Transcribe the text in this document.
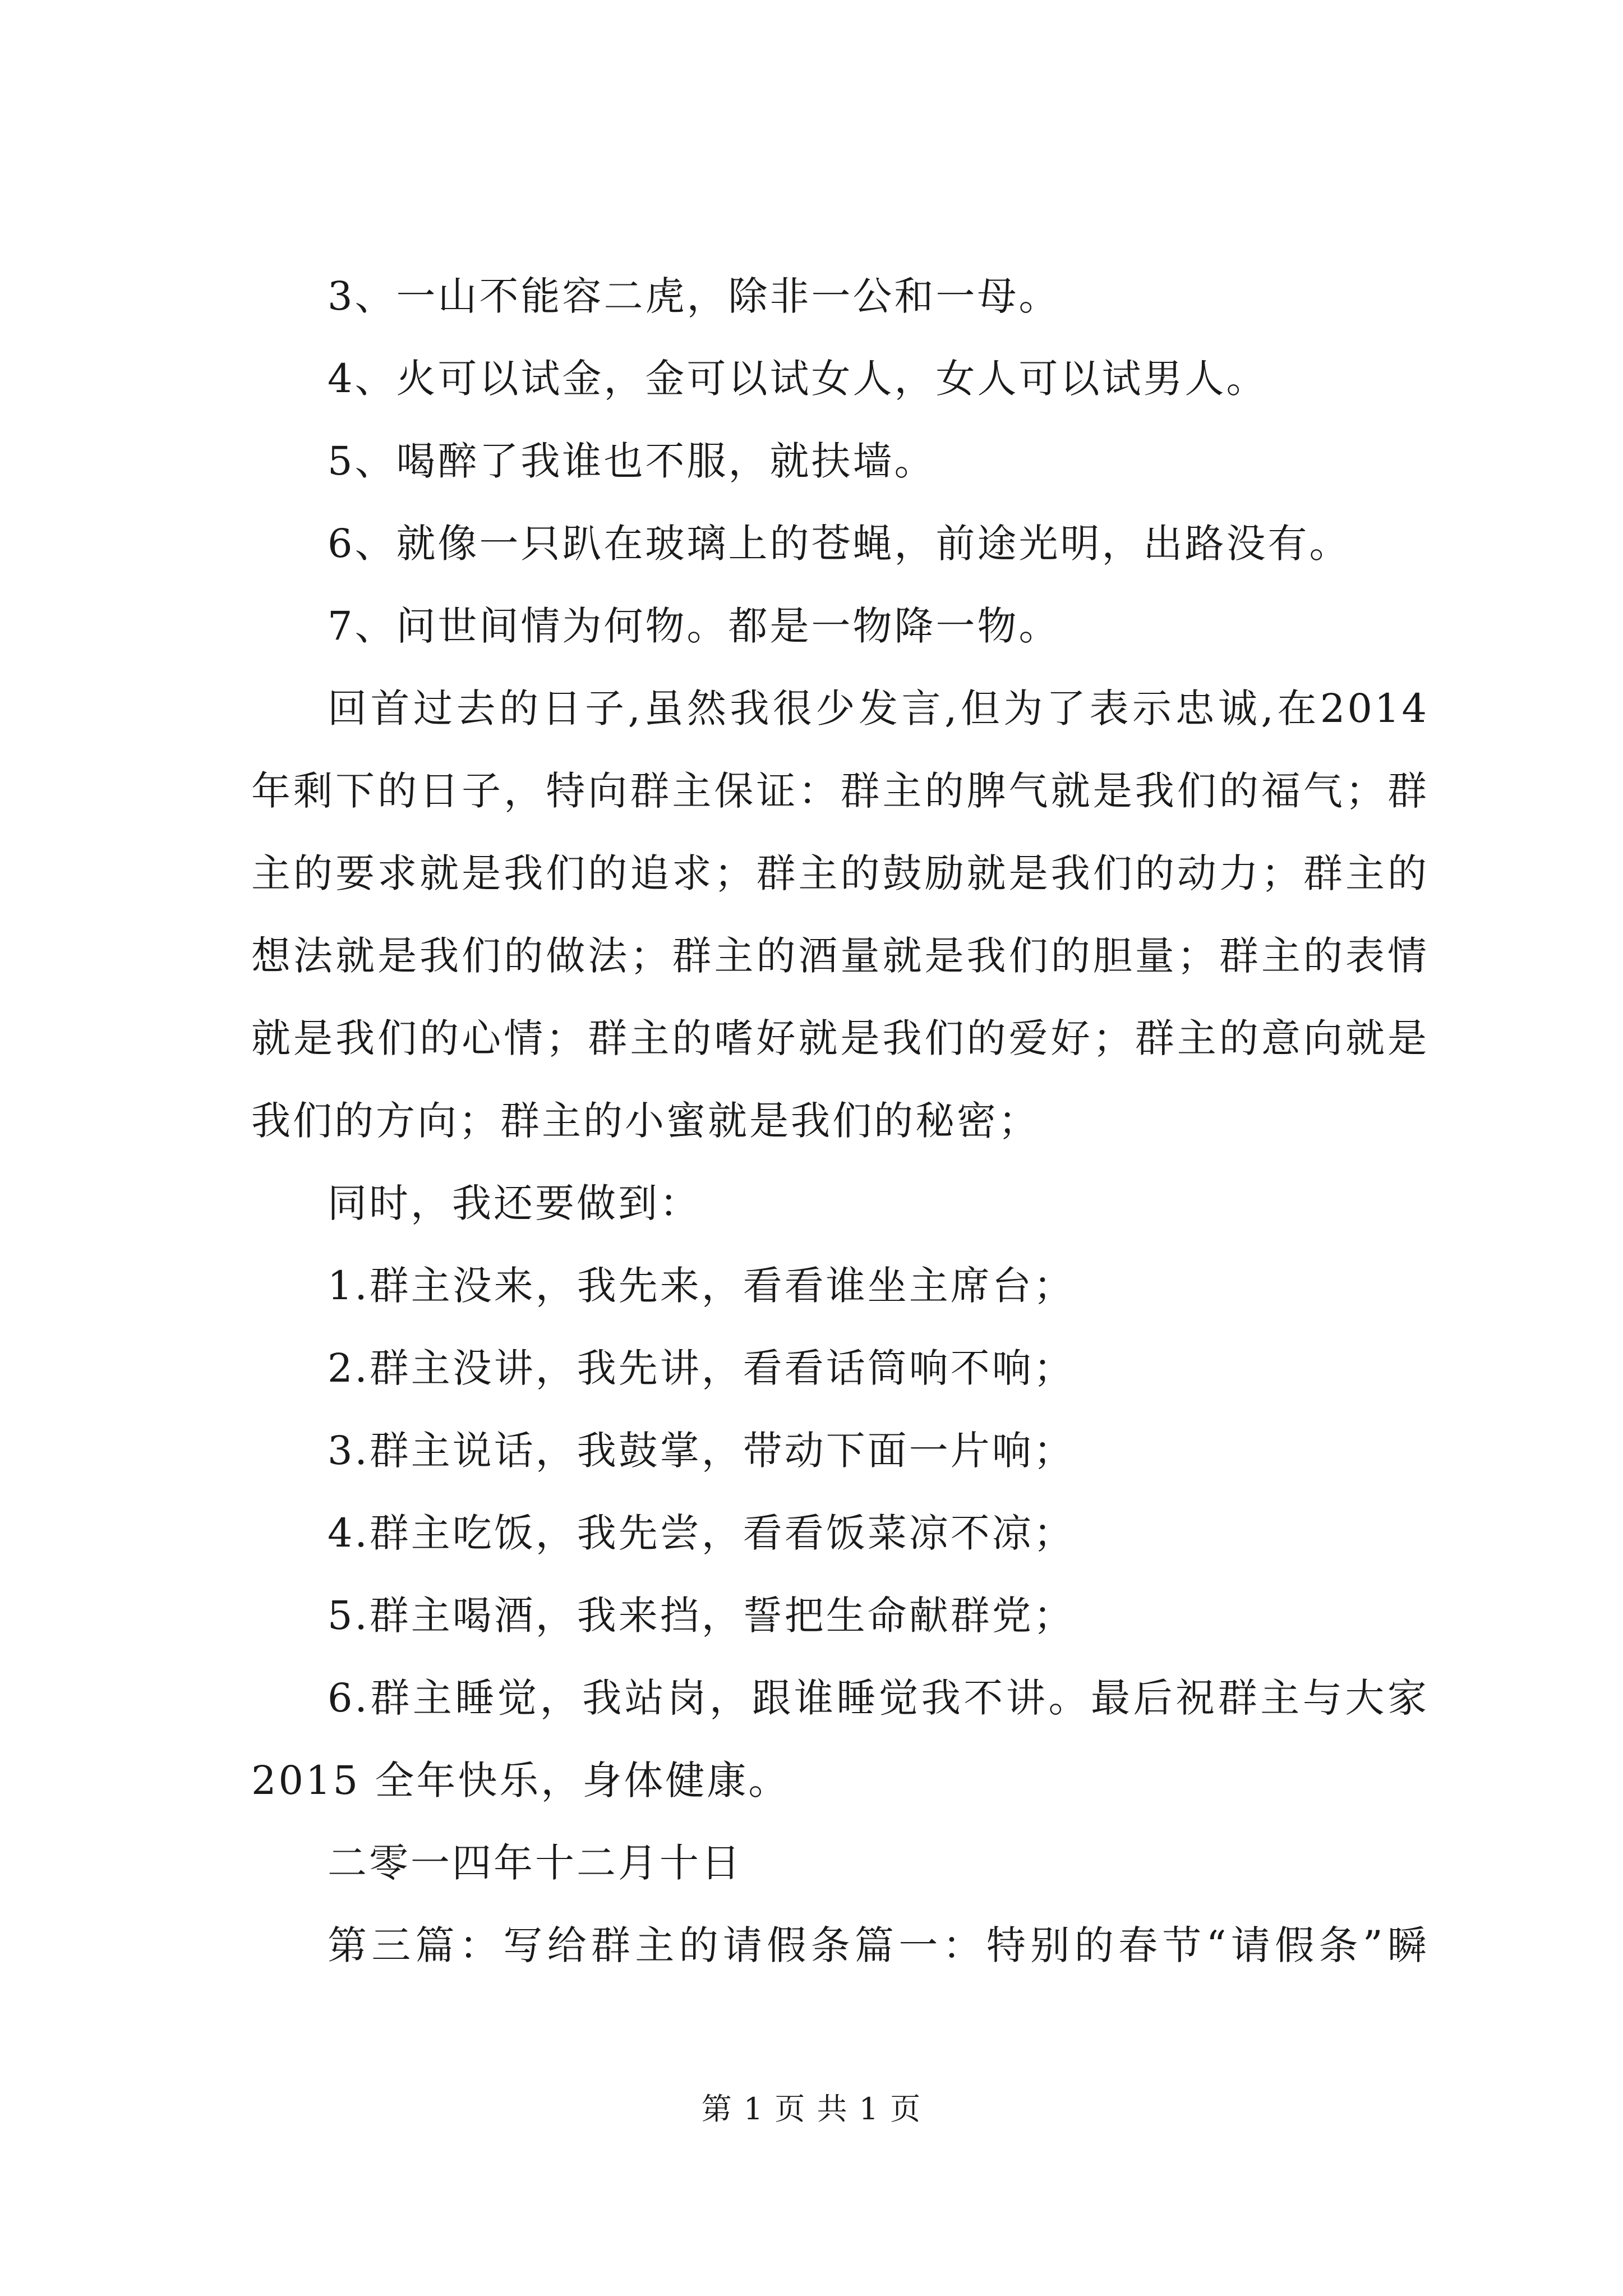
3、一山不能容二虎，除非一公和一母。
4、火可以试金，金可以试女人，女人可以试男人。
5、喝醉了我谁也不服，就扶墙。
6、就像一只趴在玻璃上的苍蝇，前途光明，出路没有。
7、问世间情为何物。都是一物降一物。
回首过去的日子,虽然我很少发言,但为了表示忠诚,在2014
年剩下的日子，特向群主保证：群主的脾气就是我们的福气；群
主的要求就是我们的追求；群主的鼓励就是我们的动力；群主的
想法就是我们的做法；群主的酒量就是我们的胆量；群主的表情
就是我们的心情；群主的嗜好就是我们的爱好；群主的意向就是
我们的方向；群主的小蜜就是我们的秘密；
同时，我还要做到：
1.群主没来，我先来，看看谁坐主席台；
2.群主没讲，我先讲，看看话筒响不响；
3.群主说话，我鼓掌，带动下面一片响；
4.群主吃饭，我先尝，看看饭菜凉不凉；
5.群主喝酒，我来挡，誓把生命献群党；
6.群主睡觉，我站岗，跟谁睡觉我不讲。最后祝群主与大家
2015 全年快乐，身体健康。
二零一四年十二月十日
第三篇：写给群主的请假条篇一：特别的春节“请假条”瞬
第 1 页 共 1 页
